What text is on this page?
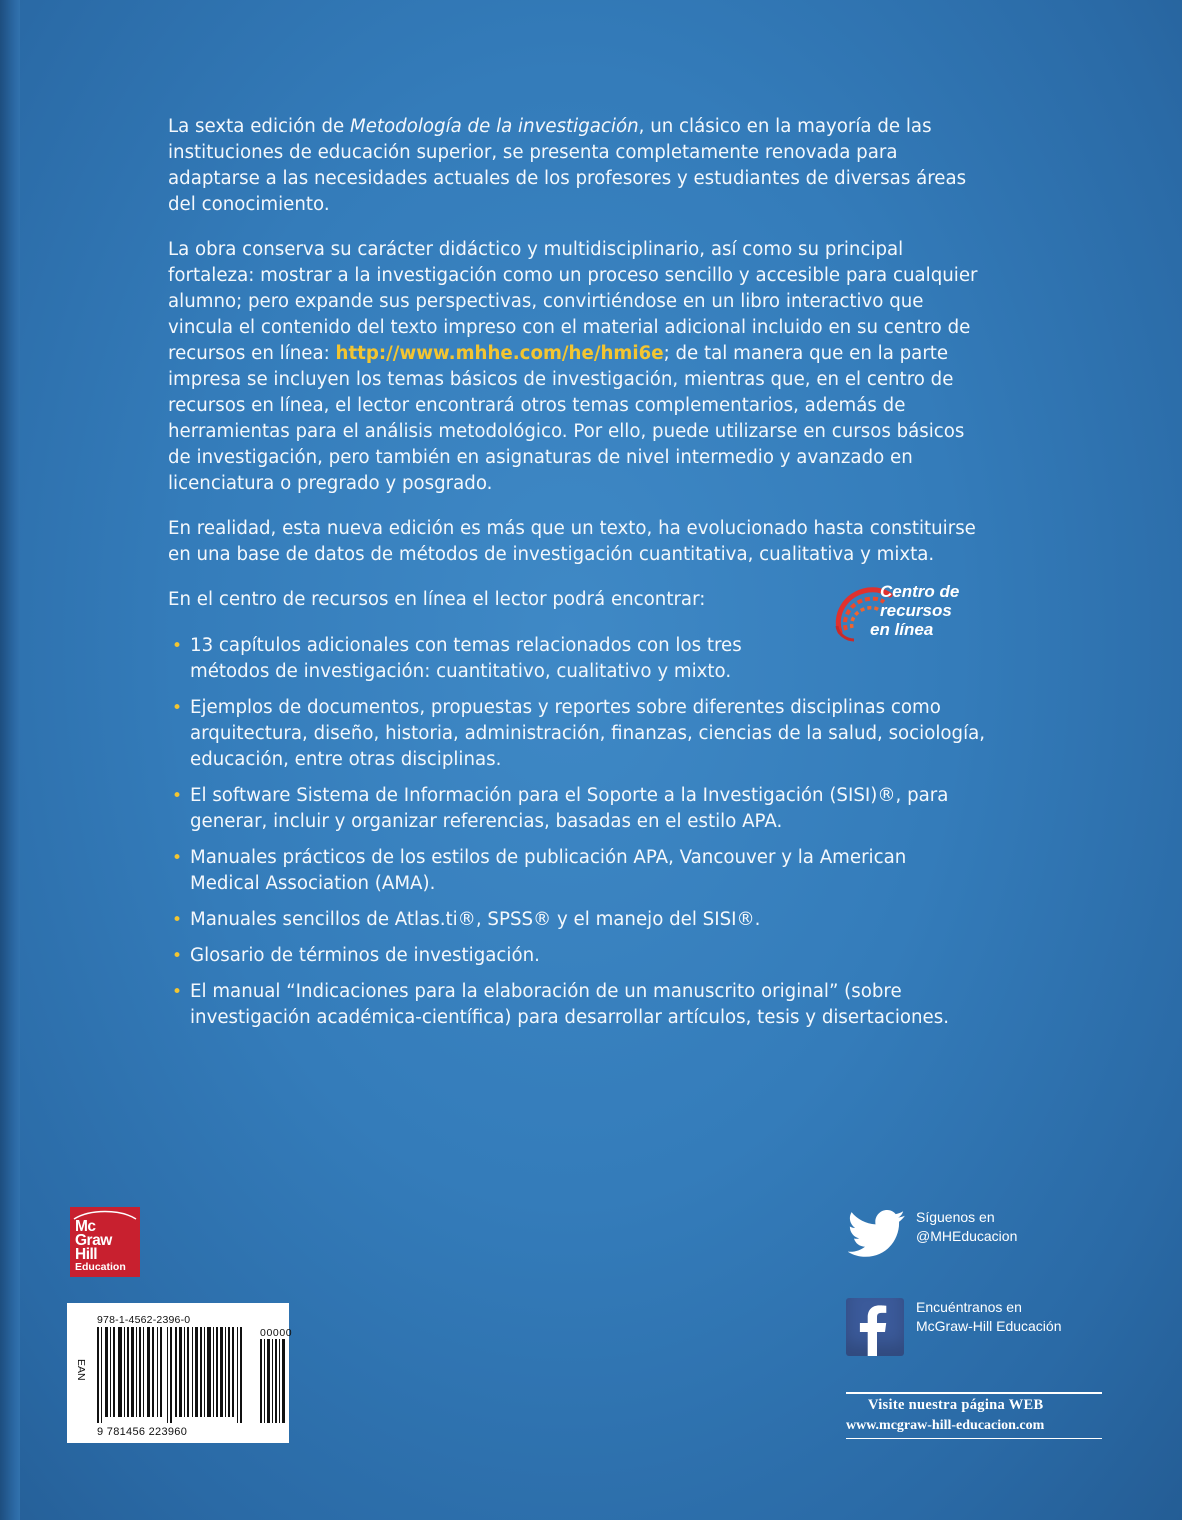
La sexta edición de Metodología de la investigación, un clásico en la mayoría de las instituciones de educación superior, se presenta completamente renovada para adaptarse a las necesidades actuales de los profesores y estudiantes de diversas áreas del conocimiento.

La obra conserva su carácter didáctico y multidisciplinario, así como su principal fortaleza: mostrar a la investigación como un proceso sencillo y accesible para cualquier alumno; pero expande sus perspectivas, convirtiéndose en un libro interactivo que vincula el contenido del texto impreso con el material adicional incluido en su centro de recursos en línea: http://www.mhhe.com/he/hmi6e; de tal manera que en la parte impresa se incluyen los temas básicos de investigación, mientras que, en el centro de recursos en línea, el lector encontrará otros temas complementarios, además de herramientas para el análisis metodológico. Por ello, puede utilizarse en cursos básicos de investigación, pero también en asignaturas de nivel intermedio y avanzado en licenciatura o pregrado y posgrado.

En realidad, esta nueva edición es más que un texto, ha evolucionado hasta constituirse en una base de datos de métodos de investigación cuantitativa, cualitativa y mixta.

En el centro de recursos en línea el lector podrá encontrar:

• 13 capítulos adicionales con temas relacionados con los tres métodos de investigación: cuantitativo, cualitativo y mixto.
• Ejemplos de documentos, propuestas y reportes sobre diferentes disciplinas como arquitectura, diseño, historia, administración, finanzas, ciencias de la salud, sociología, educación, entre otras disciplinas.
• El software Sistema de Información para el Soporte a la Investigación (SISI)®, para generar, incluir y organizar referencias, basadas en el estilo APA.
• Manuales prácticos de los estilos de publicación APA, Vancouver y la American Medical Association (AMA).
• Manuales sencillos de Atlas.ti®, SPSS® y el manejo del SISI®.
• Glosario de términos de investigación.
• El manual “Indicaciones para la elaboración de un manuscrito original” (sobre investigación académica-científica) para desarrollar artículos, tesis y disertaciones.
Centro de
recursos
en línea
Mc
Graw
Hill
Education
978-1-4562-2396-0
00000
EAN
9 781456 223960
Síguenos en
@MHEducacion
Encuéntranos en
McGraw-Hill Educación
Visite nuestra página WEB
www.mcgraw-hill-educacion.com
